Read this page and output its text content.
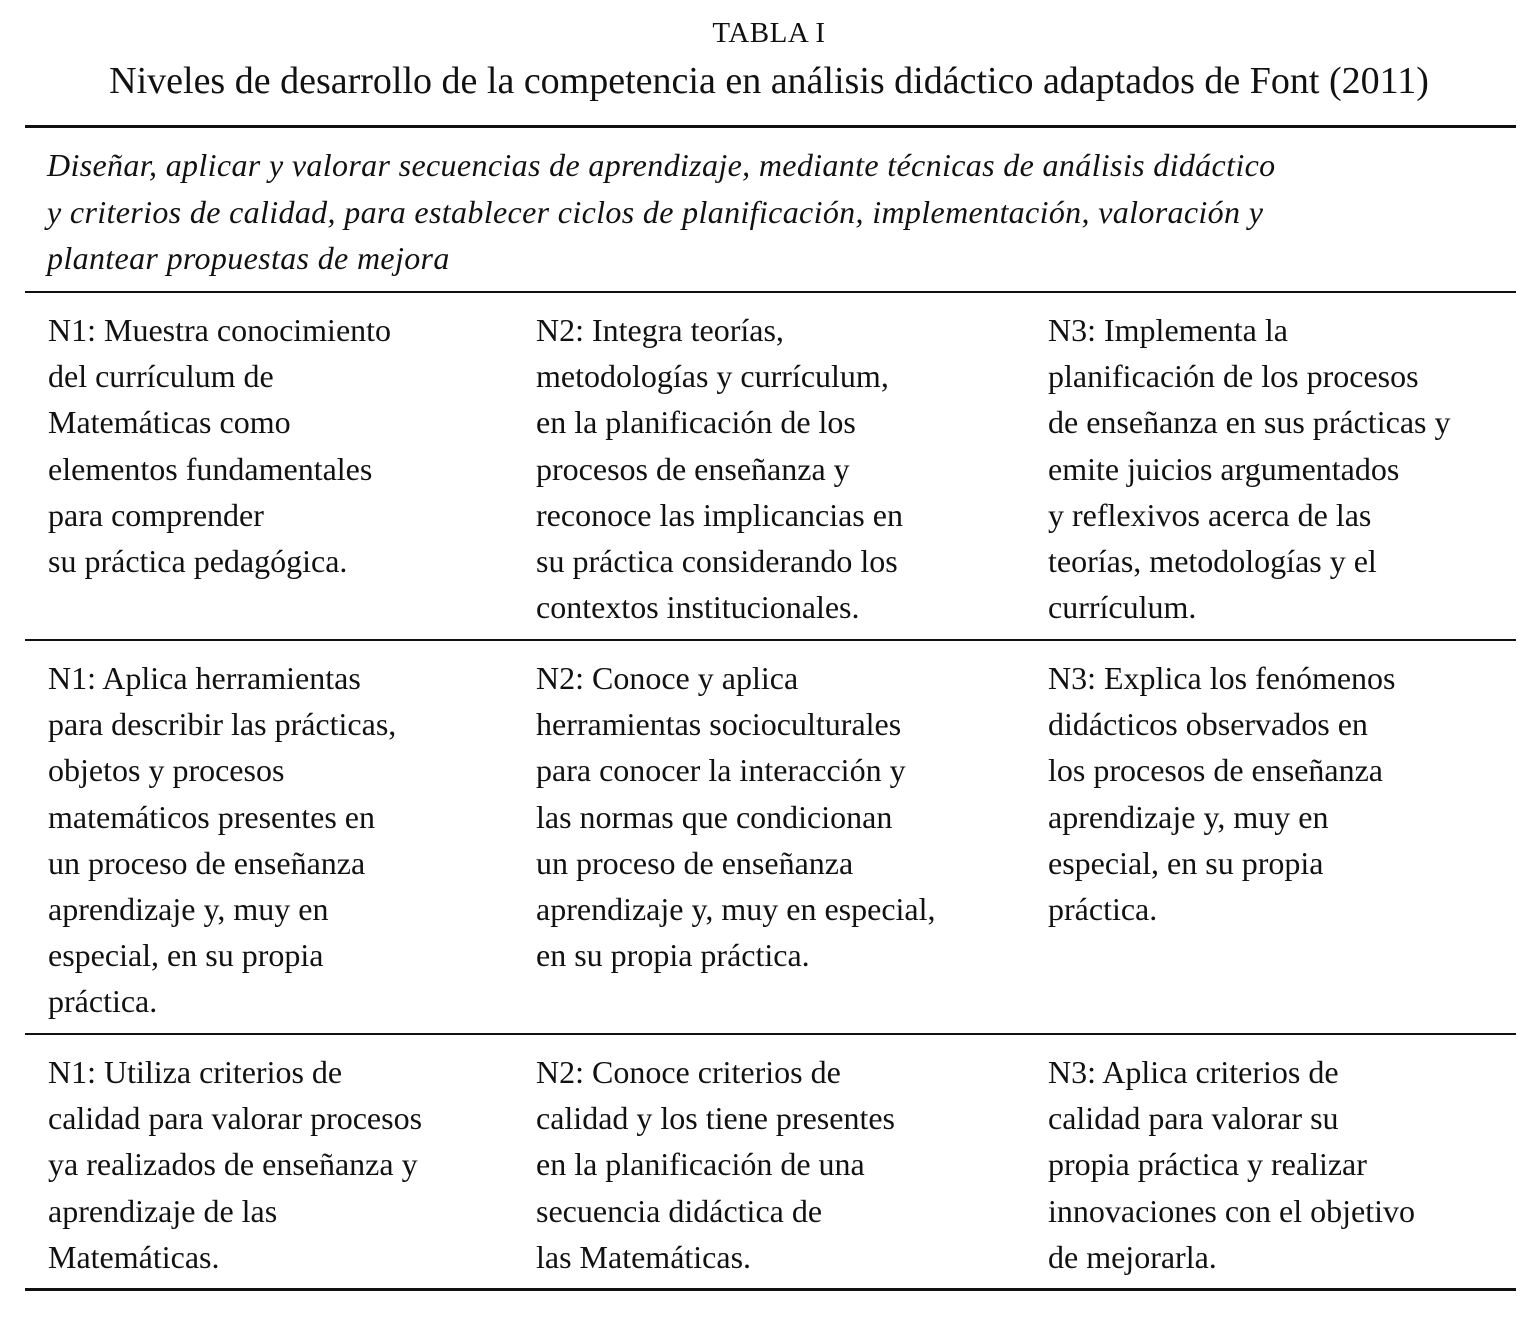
TABLA I
Niveles de desarrollo de la competencia en análisis didáctico adaptados de Font (2011)
Diseñar, aplicar y valorar secuencias de aprendizaje, mediante técnicas de análisis didáctico
y criterios de calidad, para establecer ciclos de planificación, implementación, valoración y
plantear propuestas de mejora
N1: Muestra conocimiento
del currículum de
Matemáticas como
elementos fundamentales
para comprender
su práctica pedagógica.
N2: Integra teorías,
metodologías y currículum,
en la planificación de los
procesos de enseñanza y
reconoce las implicancias en
su práctica considerando los
contextos institucionales.
N3: Implementa la
planificación de los procesos
de enseñanza en sus prácticas y
emite juicios argumentados
y reflexivos acerca de las
teorías, metodologías y el
currículum.
N1: Aplica herramientas
para describir las prácticas,
objetos y procesos
matemáticos presentes en
un proceso de enseñanza
aprendizaje y, muy en
especial, en su propia
práctica.
N2: Conoce y aplica
herramientas socioculturales
para conocer la interacción y
las normas que condicionan
un proceso de enseñanza
aprendizaje y, muy en especial,
en su propia práctica.
N3: Explica los fenómenos
didácticos observados en
los procesos de enseñanza
aprendizaje y, muy en
especial, en su propia
práctica.
N1: Utiliza criterios de
calidad para valorar procesos
ya realizados de enseñanza y
aprendizaje de las
Matemáticas.
N2: Conoce criterios de
calidad y los tiene presentes
en la planificación de una
secuencia didáctica de
las Matemáticas.
N3: Aplica criterios de
calidad para valorar su
propia práctica y realizar
innovaciones con el objetivo
de mejorarla.
